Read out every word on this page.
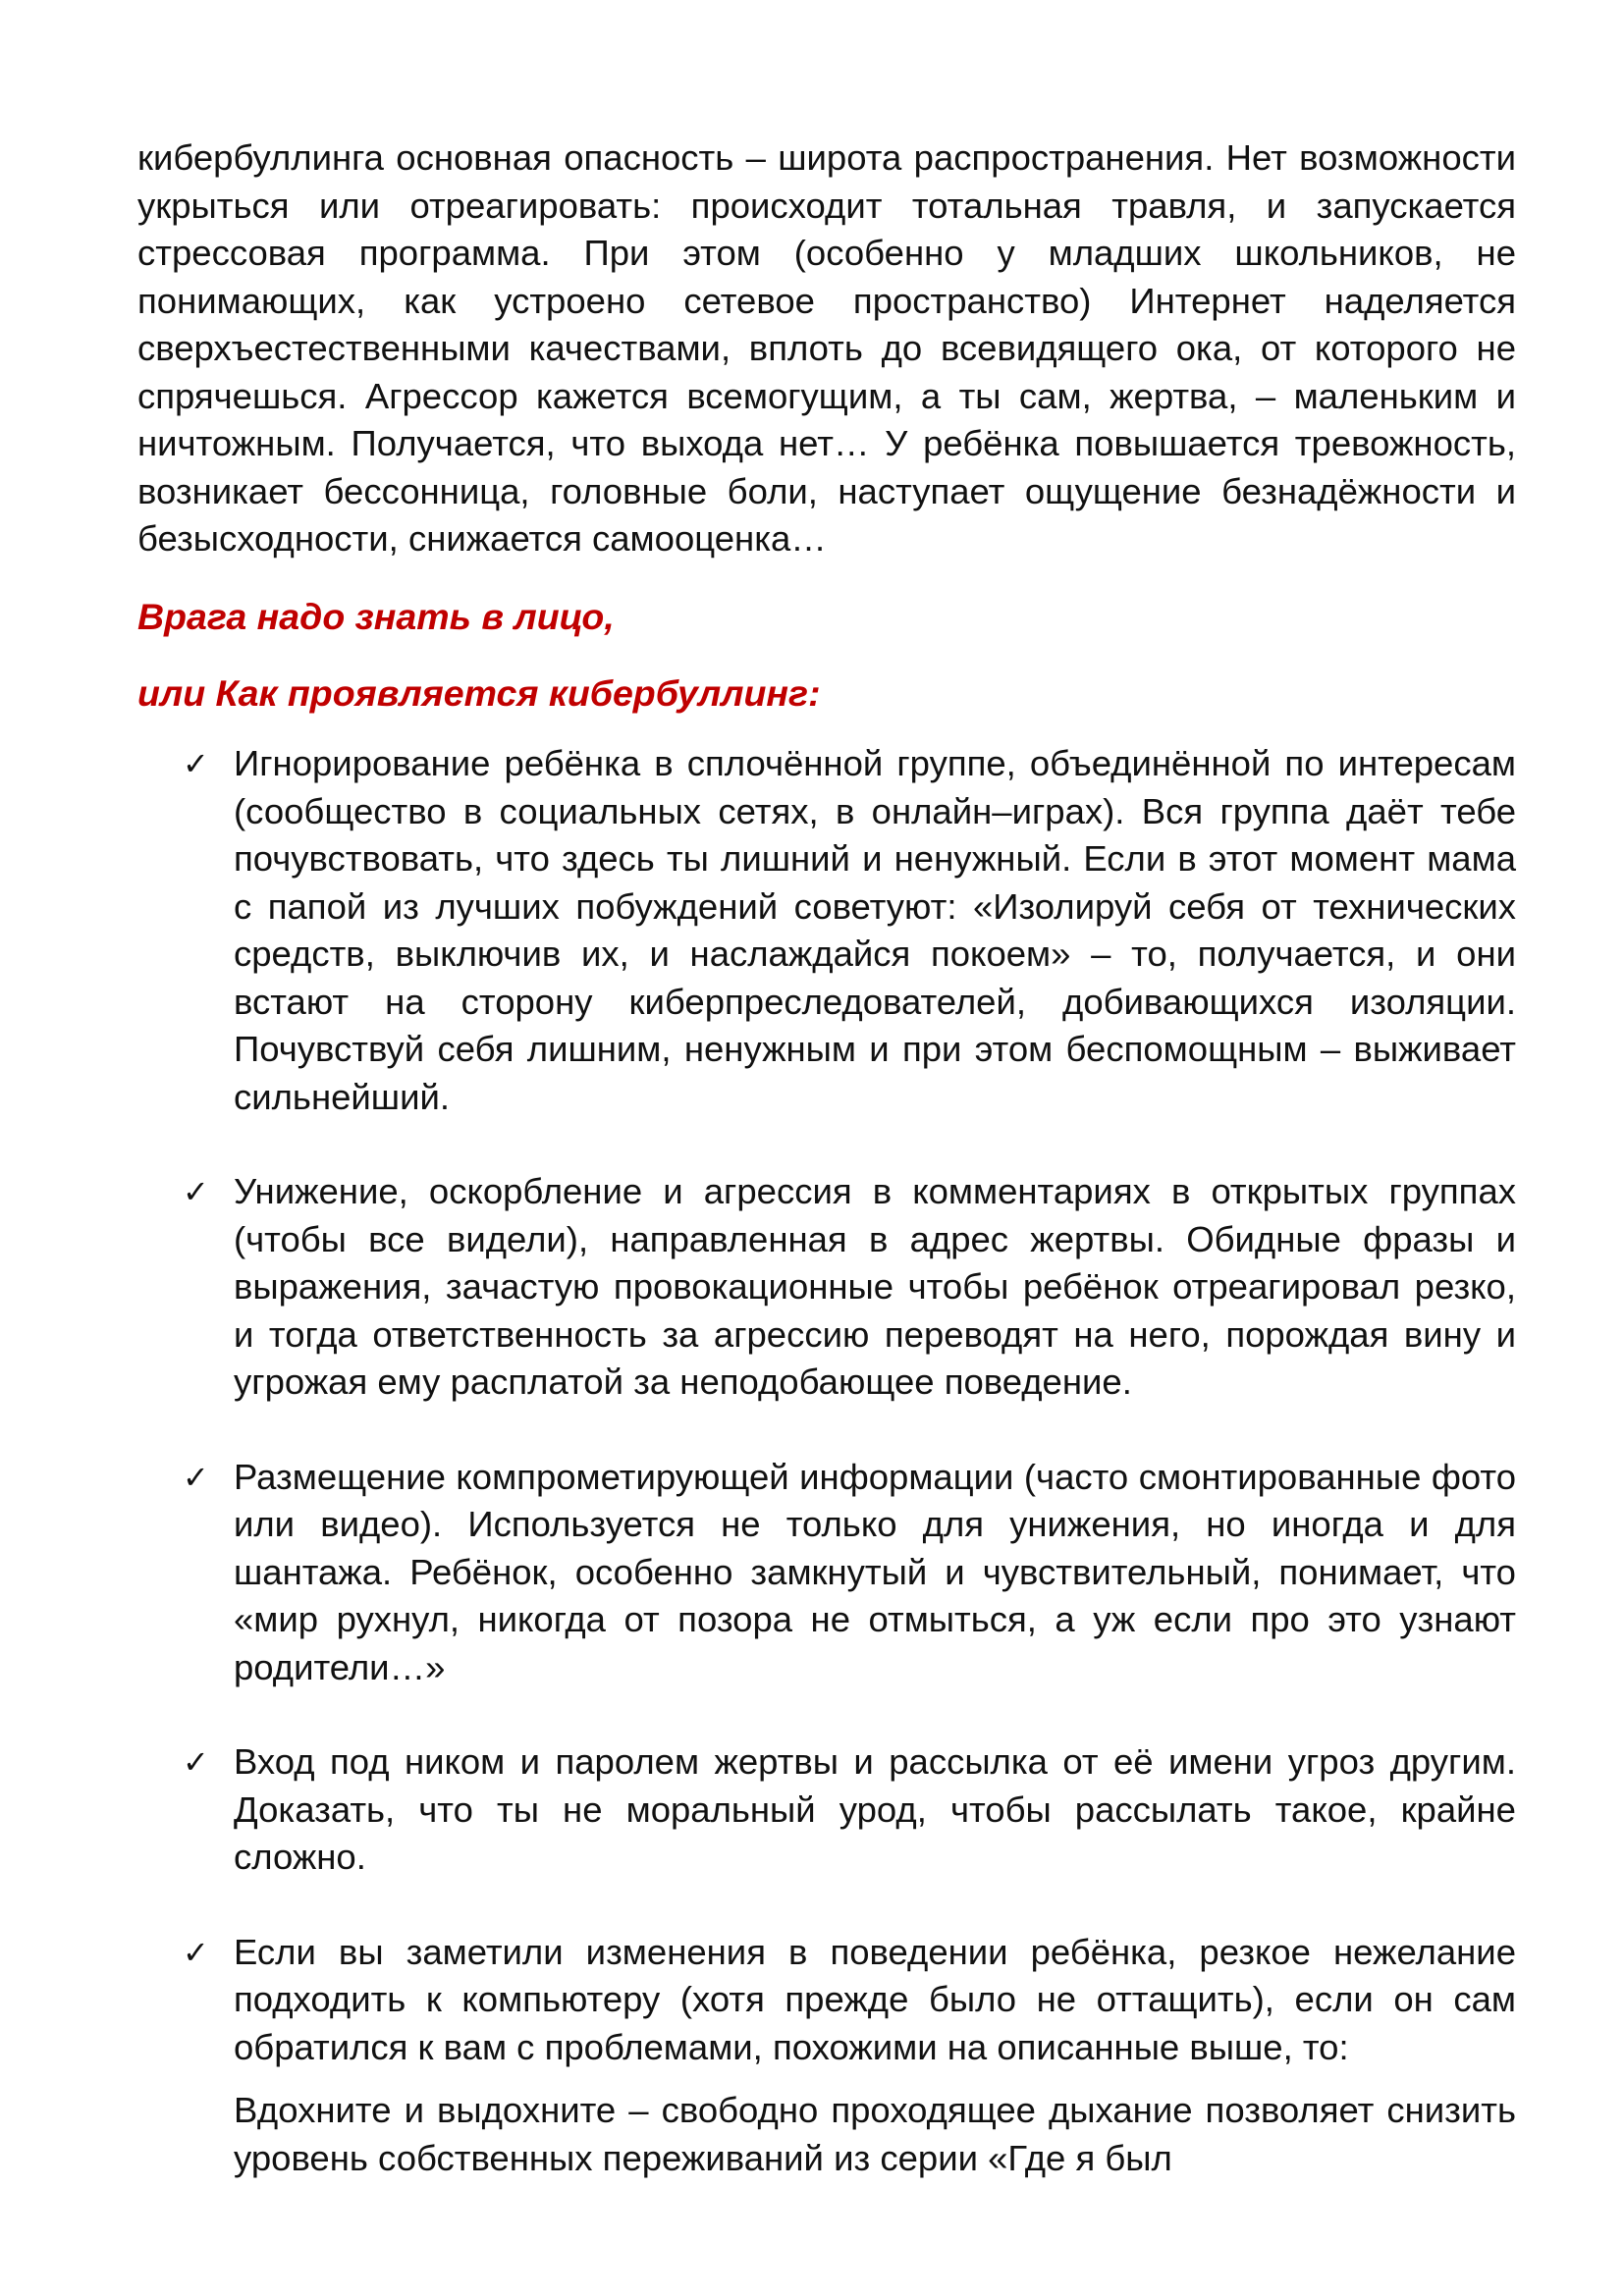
кибербуллинга основная опасность – широта распространения. Нет возможности укрыться или отреагировать: происходит тотальная травля, и запускается стрессовая программа. При этом (особенно у младших школьников, не понимающих, как устроено сетевое пространство) Интернет наделяется сверхъестественными качествами, вплоть до всевидящего ока, от которого не спрячешься. Агрессор кажется всемогущим, а ты сам, жертва, – маленьким и ничтожным. Получается, что выхода нет… У ребёнка повышается тревожность, возникает бессонница, головные боли, наступает ощущение безнадёжности и безысходности, снижается самооценка…

Врага надо знать в лицо,
или Как проявляется кибербуллинг:
✓ Игнорирование ребёнка в сплочённой группе, объединённой по интересам (сообщество в социальных сетях, в онлайн–играх). Вся группа даёт тебе почувствовать, что здесь ты лишний и ненужный. Если в этот момент мама с папой из лучших побуждений советуют: «Изолируй себя от технических средств, выключив их, и наслаждайся покоем» – то, получается, и они встают на сторону киберпреследователей, добивающихся изоляции. Почувствуй себя лишним, ненужным и при этом беспомощным – выживает сильнейший.

✓ Унижение, оскорбление и агрессия в комментариях в открытых группах (чтобы все видели), направленная в адрес жертвы. Обидные фразы и выражения, зачастую провокационные чтобы ребёнок отреагировал резко, и тогда ответственность за агрессию переводят на него, порождая вину и угрожая ему расплатой за неподобающее поведение.

✓ Размещение компрометирующей информации (часто смонтированные фото или видео). Используется не только для унижения, но иногда и для шантажа. Ребёнок, особенно замкнутый и чувствительный, понимает, что «мир рухнул, никогда от позора не отмыться, а уж если про это узнают родители…»

✓ Вход под ником и паролем жертвы и рассылка от её имени угроз другим. Доказать, что ты не моральный урод, чтобы рассылать такое, крайне сложно.

✓ Если вы заметили изменения в поведении ребёнка, резкое нежелание подходить к компьютеру (хотя прежде было не оттащить), если он сам обратился к вам с проблемами, похожими на описанные выше, то:

Вдохните и выдохните – свободно проходящее дыхание позволяет снизить уровень собственных переживаний из серии «Где я был
